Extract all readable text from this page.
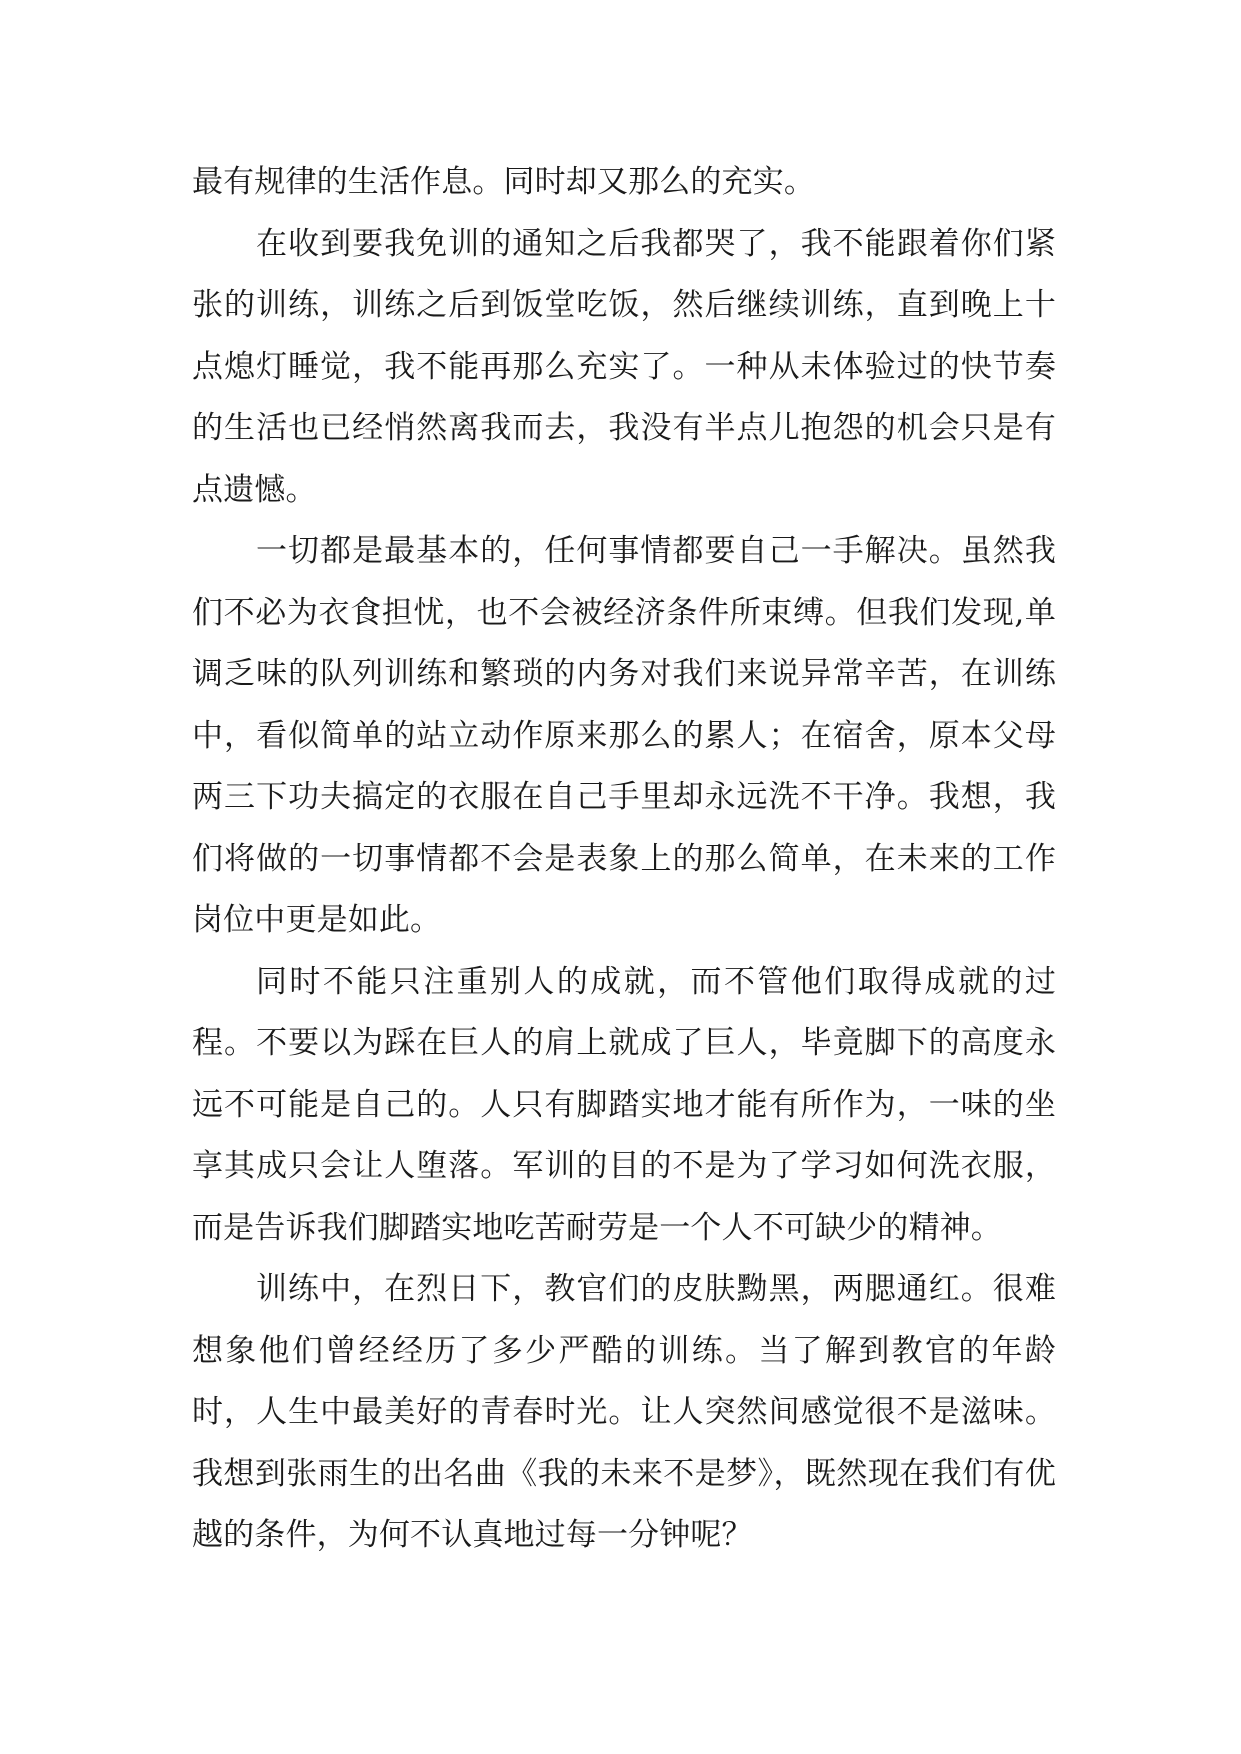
最有规律的生活作息。同时却又那么的充实。

在收到要我免训的通知之后我都哭了，我不能跟着你们紧张的训练，训练之后到饭堂吃饭，然后继续训练，直到晚上十点熄灯睡觉，我不能再那么充实了。一种从未体验过的快节奏的生活也已经悄然离我而去，我没有半点儿抱怨的机会只是有点遗憾。

一切都是最基本的，任何事情都要自己一手解决。虽然我们不必为衣食担忧，也不会被经济条件所束缚。但我们发现,单调乏味的队列训练和繁琐的内务对我们来说异常辛苦，在训练中，看似简单的站立动作原来那么的累人；在宿舍，原本父母两三下功夫搞定的衣服在自己手里却永远洗不干净。我想，我们将做的一切事情都不会是表象上的那么简单，在未来的工作岗位中更是如此。

同时不能只注重别人的成就，而不管他们取得成就的过程。不要以为踩在巨人的肩上就成了巨人，毕竟脚下的高度永远不可能是自己的。人只有脚踏实地才能有所作为，一味的坐享其成只会让人堕落。军训的目的不是为了学习如何洗衣服，而是告诉我们脚踏实地吃苦耐劳是一个人不可缺少的精神。

训练中，在烈日下，教官们的皮肤黝黑，两腮通红。很难想象他们曾经经历了多少严酷的训练。当了解到教官的年龄时，人生中最美好的青春时光。让人突然间感觉很不是滋味。我想到张雨生的出名曲《我的未来不是梦》，既然现在我们有优越的条件，为何不认真地过每一分钟呢？
